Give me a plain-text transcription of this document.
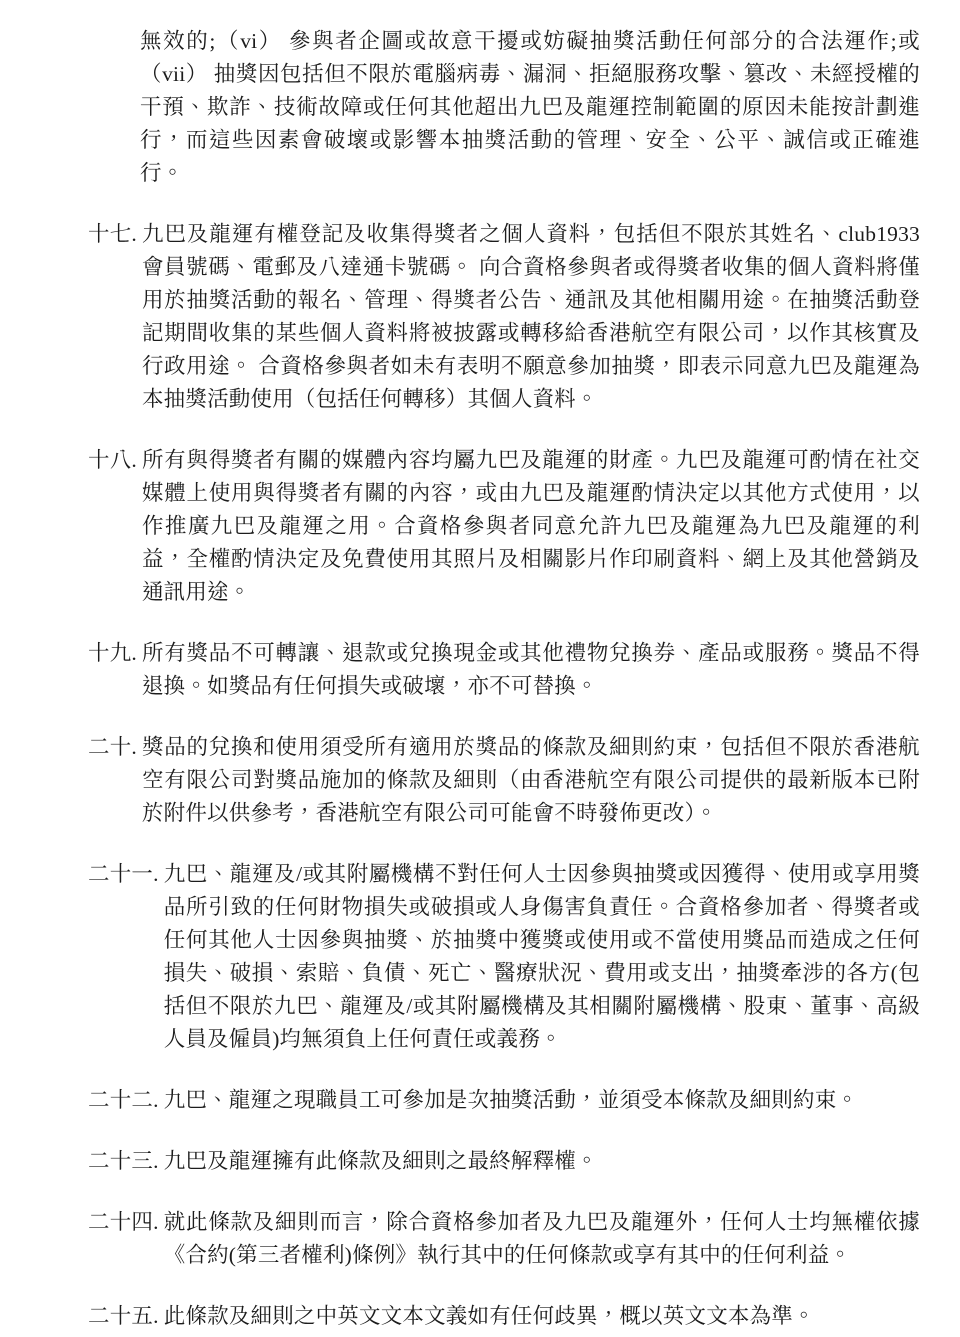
無效的;（vi） 參與者企圖或故意干擾或妨礙抽獎活動任何部分的合法運作;或（vii） 抽獎因包括但不限於電腦病毒、漏洞、拒絕服務攻擊、篡改、未經授權的干預、欺詐、技術故障或任何其他超出九巴及龍運控制範圍的原因未能按計劃進行，而這些因素會破壞或影響本抽獎活動的管理、安全、公平、誠信或正確進行。

十七. 九巴及龍運有權登記及收集得獎者之個人資料，包括但不限於其姓名、club1933 會員號碼、電郵及八達通卡號碼。 向合資格參與者或得獎者收集的個人資料將僅用於抽獎活動的報名、管理、得獎者公告、通訊及其他相關用途。在抽獎活動登記期間收集的某些個人資料將被披露或轉移給香港航空有限公司，以作其核實及行政用途。 合資格參與者如未有表明不願意參加抽獎，即表示同意九巴及龍運為本抽獎活動使用（包括任何轉移）其個人資料。

十八. 所有與得獎者有關的媒體內容均屬九巴及龍運的財產。九巴及龍運可酌情在社交媒體上使用與得獎者有關的內容，或由九巴及龍運酌情決定以其他方式使用，以作推廣九巴及龍運之用。合資格參與者同意允許九巴及龍運為九巴及龍運的利益，全權酌情決定及免費使用其照片及相關影片作印刷資料、網上及其他營銷及通訊用途。

十九. 所有獎品不可轉讓、退款或兌換現金或其他禮物兌換券、產品或服務。獎品不得退換。如獎品有任何損失或破壞，亦不可替換。

二十. 獎品的兌換和使用須受所有適用於獎品的條款及細則約束，包括但不限於香港航空有限公司對獎品施加的條款及細則（由香港航空有限公司提供的最新版本已附於附件以供參考，香港航空有限公司可能會不時發佈更改）。

二十一. 九巴、龍運及/或其附屬機構不對任何人士因參與抽獎或因獲得、使用或享用獎品所引致的任何財物損失或破損或人身傷害負責任。合資格參加者、得獎者或任何其他人士因參與抽獎、於抽獎中獲獎或使用或不當使用獎品而造成之任何損失、破損、索賠、負債、死亡、醫療狀況、費用或支出，抽獎牽涉的各方(包括但不限於九巴、龍運及/或其附屬機構及其相關附屬機構、股東、董事、高級人員及僱員)均無須負上任何責任或義務。

二十二. 九巴、龍運之現職員工可參加是次抽獎活動，並須受本條款及細則約束。

二十三. 九巴及龍運擁有此條款及細則之最終解釋權。

二十四. 就此條款及細則而言，除合資格參加者及九巴及龍運外，任何人士均無權依據《合約(第三者權利)條例》執行其中的任何條款或享有其中的任何利益。

二十五. 此條款及細則之中英文文本文義如有任何歧異，概以英文文本為準。
